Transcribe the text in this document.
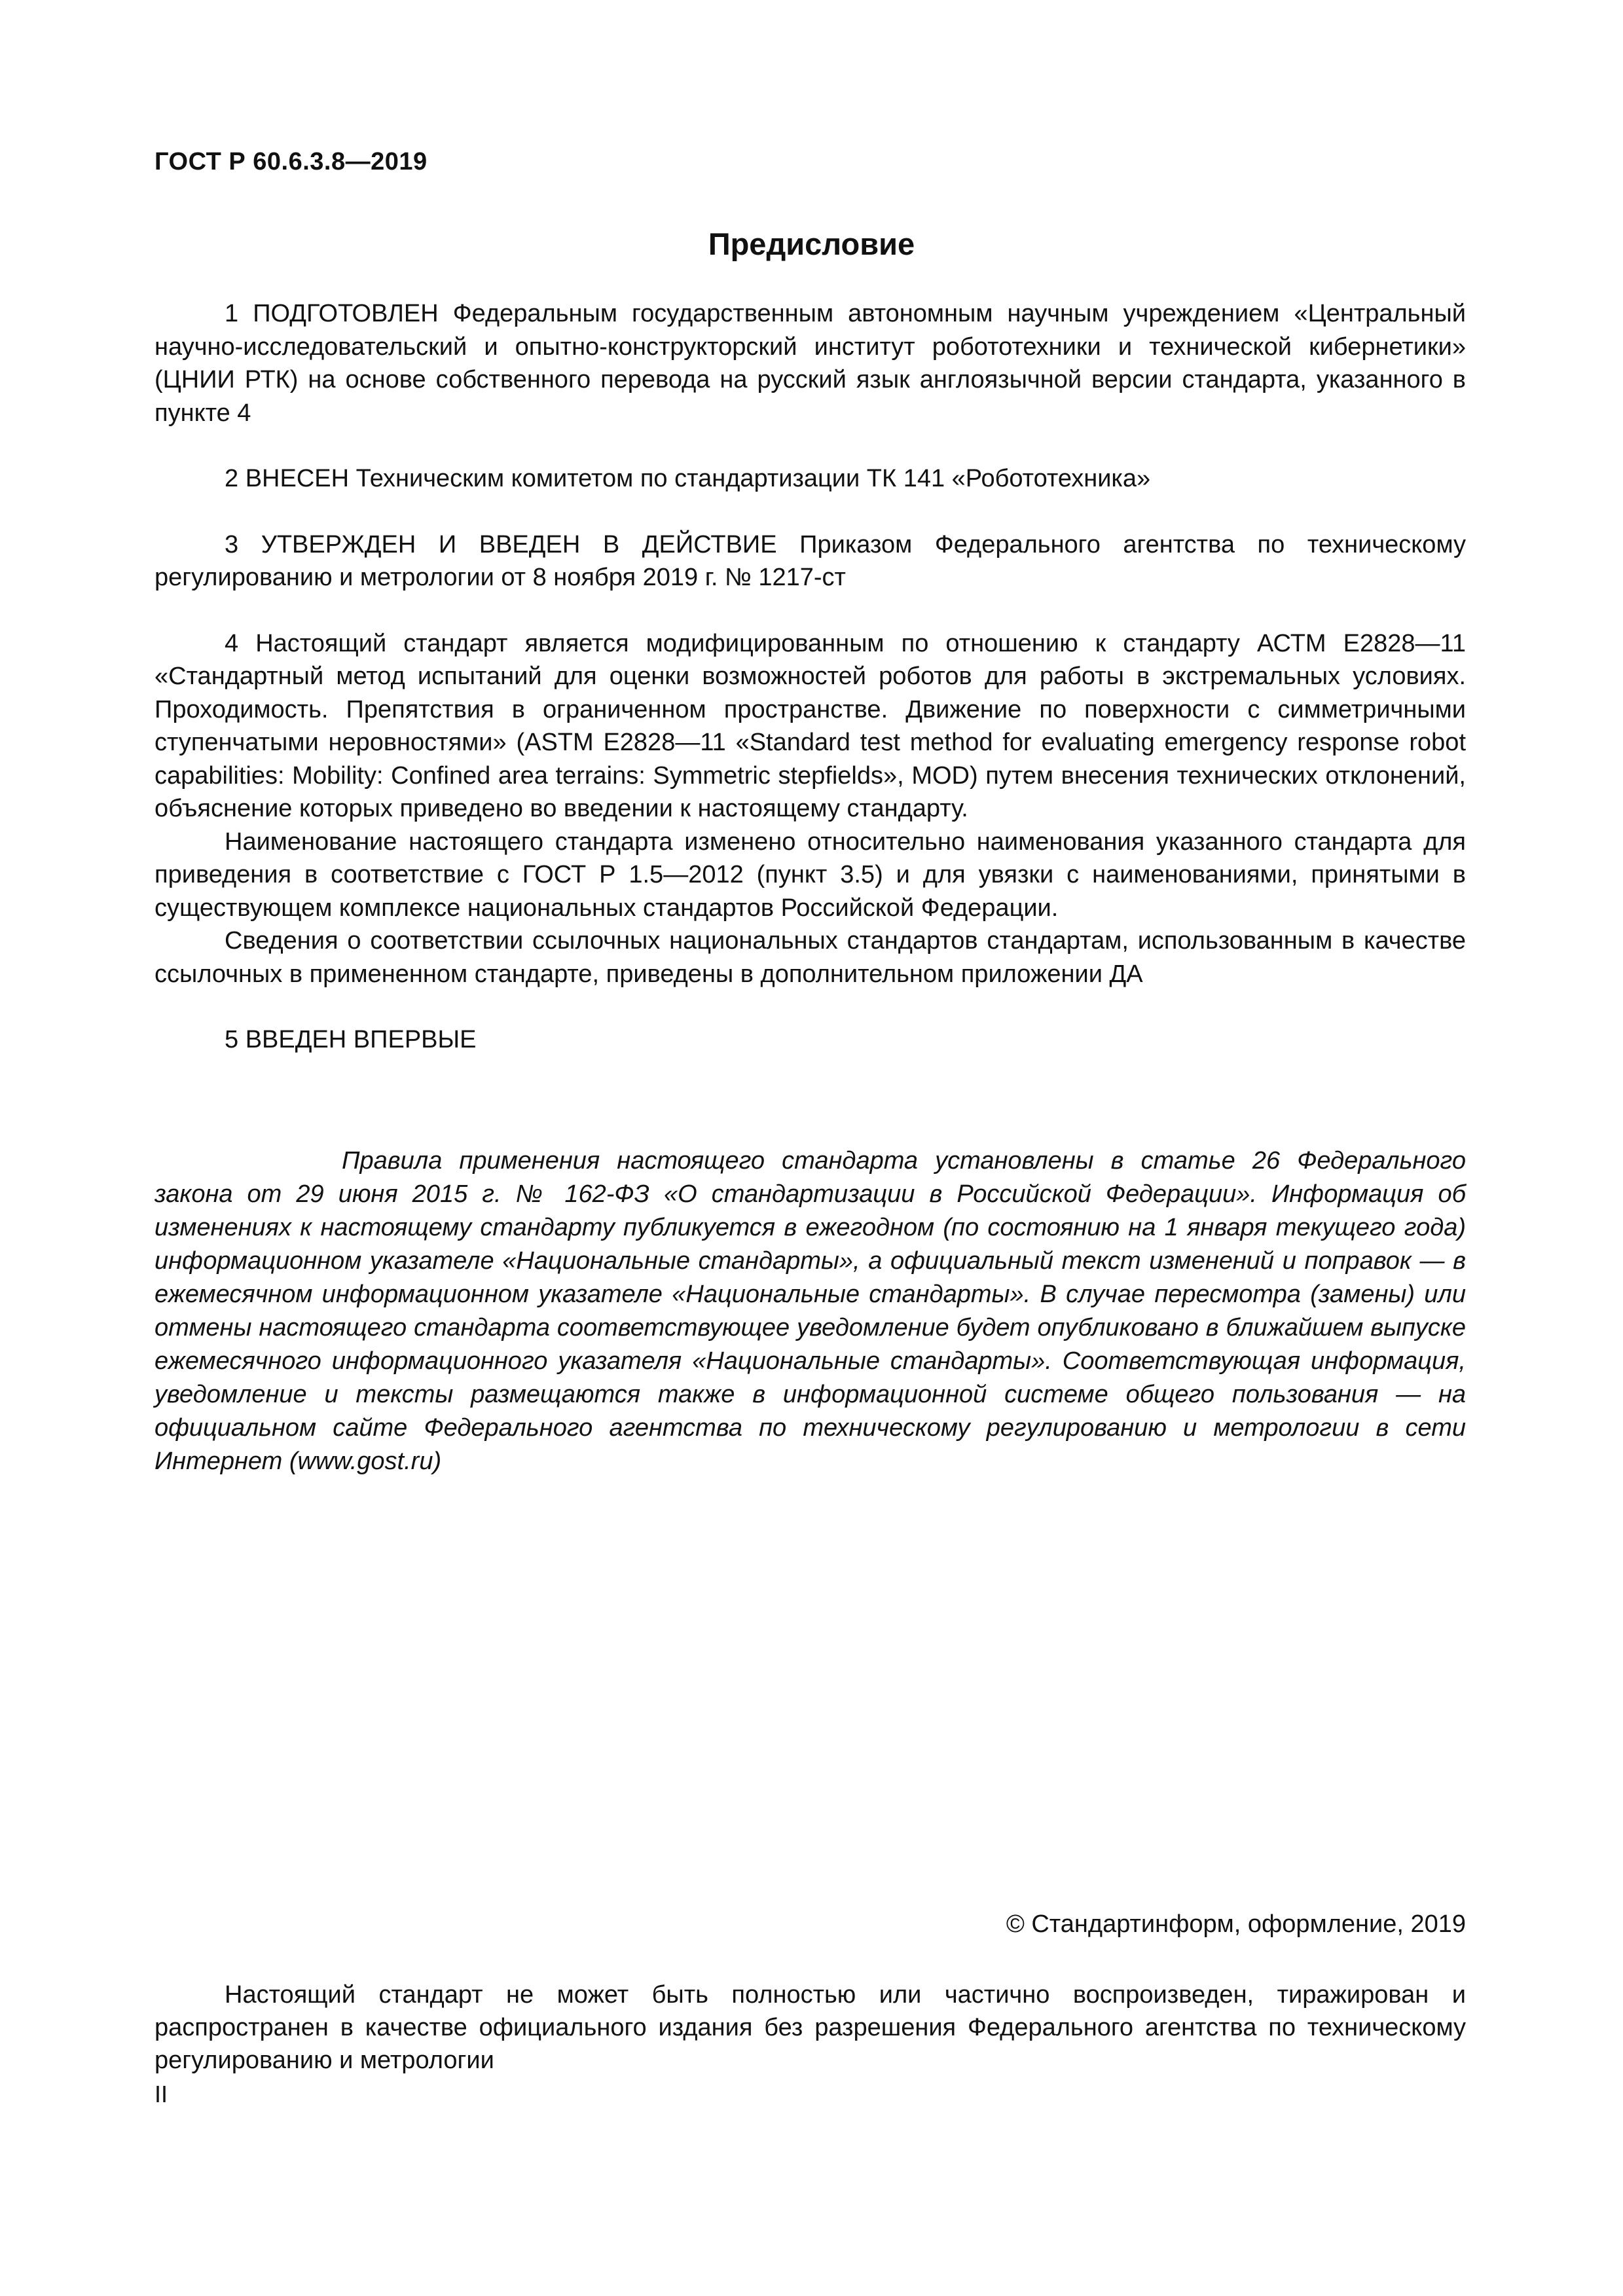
ГОСТ Р 60.6.3.8—2019
Предисловие

1 ПОДГОТОВЛЕН Федеральным государственным автономным научным учреждением «Центральный научно-исследовательский и опытно-конструкторский институт робототехники и технической кибернетики» (ЦНИИ РТК) на основе собственного перевода на русский язык англоязычной версии стандарта, указанного в пункте 4

2 ВНЕСЕН Техническим комитетом по стандартизации ТК 141 «Робототехника»

3 УТВЕРЖДЕН И ВВЕДЕН В ДЕЙСТВИЕ Приказом Федерального агентства по техническому регулированию и метрологии от 8 ноября 2019 г. № 1217-ст

4 Настоящий стандарт является модифицированным по отношению к стандарту АСТМ Е2828—11 «Стандартный метод испытаний для оценки возможностей роботов для работы в экстремальных условиях. Проходимость. Препятствия в ограниченном пространстве. Движение по поверхности с симметричными ступенчатыми неровностями» (ASTM E2828—11 «Standard test method for evaluating emergency response robot capabilities: Mobility: Confined area terrains: Symmetric stepfields», MOD) путем внесения технических отклонений, объяснение которых приведено во введении к настоящему стандарту.

Наименование настоящего стандарта изменено относительно наименования указанного стандарта для приведения в соответствие с ГОСТ Р 1.5—2012 (пункт 3.5) и для увязки с наименованиями, принятыми в существующем комплексе национальных стандартов Российской Федерации.

Сведения о соответствии ссылочных национальных стандартов стандартам, использованным в качестве ссылочных в примененном стандарте, приведены в дополнительном приложении ДА

5 ВВЕДЕН ВПЕРВЫЕ

Правила применения настоящего стандарта установлены в статье 26 Федерального закона от 29 июня 2015 г. № 162-ФЗ «О стандартизации в Российской Федерации». Информация об изменениях к настоящему стандарту публикуется в ежегодном (по состоянию на 1 января текущего года) информационном указателе «Национальные стандарты», а официальный текст изменений и поправок — в ежемесячном информационном указателе «Национальные стандарты». В случае пересмотра (замены) или отмены настоящего стандарта соответствующее уведомление будет опубликовано в ближайшем выпуске ежемесячного информационного указателя «Национальные стандарты». Соответствующая информация, уведомление и тексты размещаются также в информационной системе общего пользования — на официальном сайте Федерального агентства по техническому регулированию и метрологии в сети Интернет (www.gost.ru)
© Стандартинформ, оформление, 2019
Настоящий стандарт не может быть полностью или частично воспроизведен, тиражирован и распространен в качестве официального издания без разрешения Федерального агентства по техническому регулированию и метрологии
II
